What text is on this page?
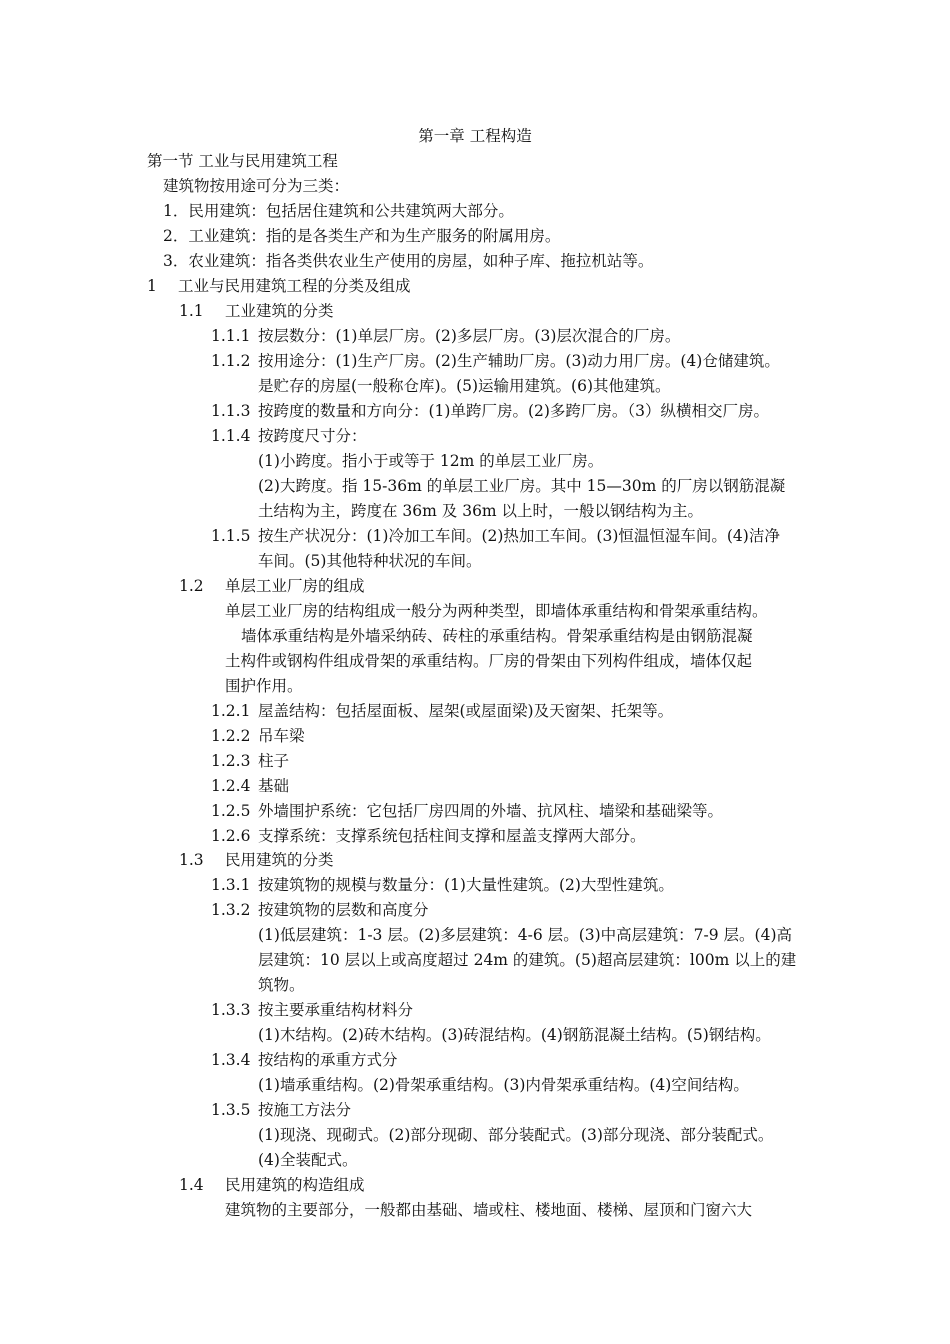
第一章 工程构造
第一节 工业与民用建筑工程
建筑物按用途可分为三类：
1．民用建筑：包括居住建筑和公共建筑两大部分。
2．工业建筑：指的是各类生产和为生产服务的附属用房。
3．农业建筑：指各类供农业生产使用的房屋，如种子库、拖拉机站等。
1 工业与民用建筑工程的分类及组成
1.1 工业建筑的分类
1.1.1 按层数分：(1)单层厂房。(2)多层厂房。(3)层次混合的厂房。
1.1.2 按用途分：(1)生产厂房。(2)生产辅助厂房。(3)动力用厂房。(4)仓储建筑。
是贮存的房屋(一般称仓库)。(5)运输用建筑。(6)其他建筑。
1.1.3 按跨度的数量和方向分：(1)单跨厂房。(2)多跨厂房。（3）纵横相交厂房。
1.1.4 按跨度尺寸分：
(1)小跨度。指小于或等于 12m 的单层工业厂房。
(2)大跨度。指 15-36m 的单层工业厂房。其中 15—30m 的厂房以钢筋混凝
土结构为主，跨度在 36m 及 36m 以上时，一般以钢结构为主。
1.1.5 按生产状况分：(1)冷加工车间。(2)热加工车间。(3)恒温恒湿车间。(4)洁净
车间。(5)其他特种状况的车间。
1.2 单层工业厂房的组成
单层工业厂房的结构组成一般分为两种类型，即墙体承重结构和骨架承重结构。
墙体承重结构是外墙采纳砖、砖柱的承重结构。骨架承重结构是由钢筋混凝
土构件或钢构件组成骨架的承重结构。厂房的骨架由下列构件组成，墙体仅起
围护作用。
1.2.1 屋盖结构：包括屋面板、屋架(或屋面梁)及天窗架、托架等。
1.2.2 吊车梁
1.2.3 柱子
1.2.4 基础
1.2.5 外墙围护系统：它包括厂房四周的外墙、抗风柱、墙梁和基础梁等。
1.2.6 支撑系统：支撑系统包括柱间支撑和屋盖支撑两大部分。
1.3 民用建筑的分类
1.3.1 按建筑物的规模与数量分：(1)大量性建筑。(2)大型性建筑。
1.3.2 按建筑物的层数和高度分
(1)低层建筑：1-3 层。(2)多层建筑：4-6 层。(3)中高层建筑：7-9 层。(4)高
层建筑：10 层以上或高度超过 24m 的建筑。(5)超高层建筑：l00m 以上的建
筑物。
1.3.3 按主要承重结构材料分
(1)木结构。(2)砖木结构。(3)砖混结构。(4)钢筋混凝土结构。(5)钢结构。
1.3.4 按结构的承重方式分
(1)墙承重结构。(2)骨架承重结构。(3)内骨架承重结构。(4)空间结构。
1.3.5 按施工方法分
(1)现浇、现砌式。(2)部分现砌、部分装配式。(3)部分现浇、部分装配式。
(4)全装配式。
1.4 民用建筑的构造组成
建筑物的主要部分，一般都由基础、墙或柱、楼地面、楼梯、屋顶和门窗六大
